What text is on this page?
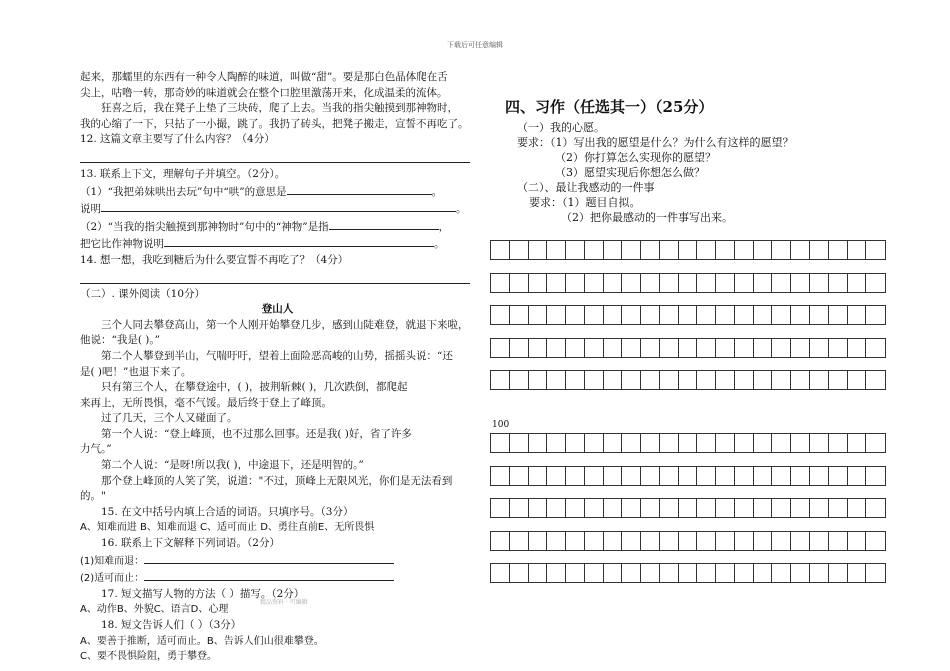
下载后可任意编辑

起来，那蠕里的东西有一种令人陶醉的味道，叫做“甜”。要是那白色晶体爬在舌

尖上，咕噜一转，那奇妙的味道就会在整个口腔里激荡开来，化成温柔的流体。

狂喜之后，我在凳子上垫了三块砖，爬了上去。当我的指尖触摸到那神物时，

我的心缩了一下，只拈了一小撮，跳了。我扔了砖头，把凳子搬走，宣誓不再吃了。

12. 这篇文章主要写了什么内容？（4分）

13. 联系上下文，理解句子并填空。（2分）。

（1）“我把弟妹哄出去玩”句中“哄”的意思是	。

说明	。

（2）“当我的指尖触摸到那神物时”句中的“神物”是指	，

把它比作神物说明	。

14. 想一想，我吃到糖后为什么要宣誓不再吃了？（4分）

（二）. 课外阅读（10分）

登山人

三个人同去攀登高山，第一个人刚开始攀登几步，感到山陡难登，就退下来啦，

他说：“我是( )。”

第二个人攀登到半山，气喘吁吁，望着上面险恶高峻的山势，摇摇头说：“还

是( )吧！”也退下来了。

只有第三个人，在攀登途中，( )，披荆斩棘( )，几次跌倒，都爬起

来再上，无所畏惧，毫不气馁。最后终于登上了峰顶。

过了几天，三个人又碰面了。

第一个人说：“登上峰顶，也不过那么回事。还是我( )好，省了许多

力气。”

第二个人说：“是呀!所以我( )，中途退下，还是明智的。”

那个登上峰顶的人笑了笑，说道："不过，顶峰上无限风光，你们是无法看到

的。"

15. 在文中括号内填上合适的词语。只填序号。（3分）

A、知难而进 B、知难而退 C、适可而止 D、勇往直前E、无所畏惧

16. 联系上下文解释下列词语。（2分）

(1)知难而退：

(2)适可而止：

17. 短文描写人物的方法（ ）描写。（2分）

A、动作B、外貌C、语言D、心理

18. 短文告诉人们（ ）（3分）

A、要善于推断，适可而止。B、告诉人们山很难攀登。

C、要不畏惧险阻，勇于攀登。

四、习作（任选其一）（25分）

（一）我的心愿。

要求：（1）写出我的愿望是什么？为什么有这样的愿望？

（2）你打算怎么实现你的愿望？

（3）愿望实现后你想怎么做？

（二）、最让我感动的一件事

要求：（1）题目自拟。

（2）把你最感动的一件事写出来。

100
精品资料 · 可编辑
